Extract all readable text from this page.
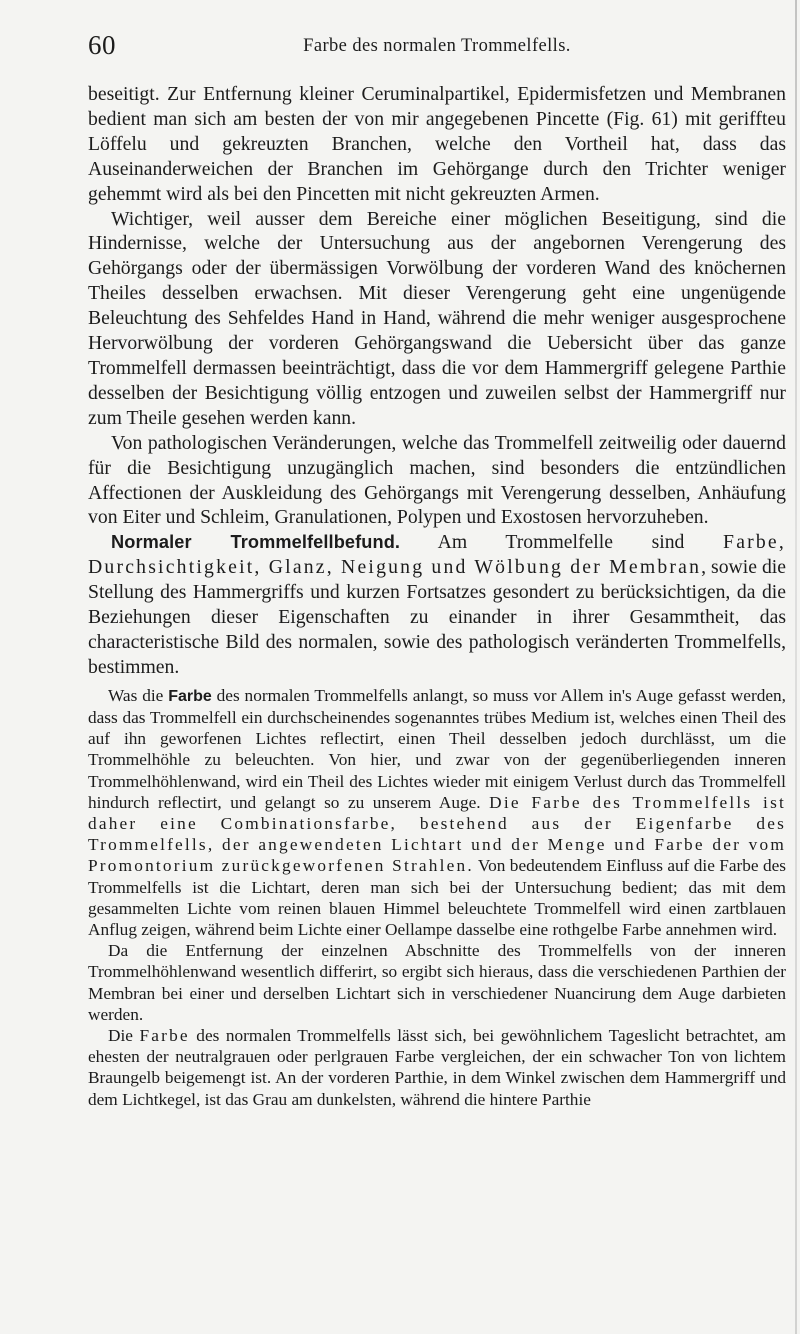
60	Farbe des normalen Trommelfells.

beseitigt. Zur Entfernung kleiner Ceruminalpartikel, Epidermisfetzen und Membranen bedient man sich am besten der von mir angegebenen Pincette (Fig. 61) mit geriffteu Löffelu und gekreuzten Branchen, welche den Vortheil hat, dass das Auseinanderweichen der Branchen im Gehörgange durch den Trichter weniger gehemmt wird als bei den Pincetten mit nicht gekreuzten Armen.

Wichtiger, weil ausser dem Bereiche einer möglichen Beseitigung, sind die Hindernisse, welche der Untersuchung aus der angebornen Verengerung des Gehörgangs oder der übermässigen Vorwölbung der vorderen Wand des knöchernen Theiles desselben erwachsen. Mit dieser Verengerung geht eine ungenügende Beleuchtung des Sehfeldes Hand in Hand, während die mehr weniger ausgesprochene Hervorwölbung der vorderen Gehörgangswand die Uebersicht über das ganze Trommelfell dermassen beeinträchtigt, dass die vor dem Hammergriff gelegene Parthie desselben der Besichtigung völlig entzogen und zuweilen selbst der Hammergriff nur zum Theile gesehen werden kann.

Von pathologischen Veränderungen, welche das Trommelfell zeitweilig oder dauernd für die Besichtigung unzugänglich machen, sind besonders die entzündlichen Affectionen der Auskleidung des Gehörgangs mit Verengerung desselben, Anhäufung von Eiter und Schleim, Granulationen, Polypen und Exostosen hervorzuheben.

Normaler Trommelfellbefund. Am Trommelfelle sind Farbe, Durchsichtigkeit, Glanz, Neigung und Wölbung der Membran, sowie die Stellung des Hammergriffs und kurzen Fortsatzes gesondert zu berücksichtigen, da die Beziehungen dieser Eigenschaften zu einander in ihrer Gesammtheit, das characteristische Bild des normalen, sowie des pathologisch veränderten Trommelfells, bestimmen.

Was die Farbe des normalen Trommelfells anlangt, so muss vor Allem in's Auge gefasst werden, dass das Trommelfell ein durchscheinendes sogenanntes trübes Medium ist, welches einen Theil des auf ihn geworfenen Lichtes reflectirt, einen Theil desselben jedoch durchlässt, um die Trommelhöhle zu beleuchten. Von hier, und zwar von der gegenüberliegenden inneren Trommelhöhlenwand, wird ein Theil des Lichtes wieder mit einigem Verlust durch das Trommelfell hindurch reflectirt, und gelangt so zu unserem Auge. Die Farbe des Trommelfells ist daher eine Combinationsfarbe, bestehend aus der Eigenfarbe des Trommelfells, der angewendeten Lichtart und der Menge und Farbe der vom Promontorium zurückgeworfenen Strahlen. Von bedeutendem Einfluss auf die Farbe des Trommelfells ist die Lichtart, deren man sich bei der Untersuchung bedient; das mit dem gesammelten Lichte vom reinen blauen Himmel beleuchtete Trommelfell wird einen zartblauen Anflug zeigen, während beim Lichte einer Oellampe dasselbe eine rothgelbe Farbe annehmen wird.

Da die Entfernung der einzelnen Abschnitte des Trommelfells von der inneren Trommelhöhlenwand wesentlich differirt, so ergibt sich hieraus, dass die verschiedenen Parthien der Membran bei einer und derselben Lichtart sich in verschiedener Nuancirung dem Auge darbieten werden.

Die Farbe des normalen Trommelfells lässt sich, bei gewöhnlichem Tageslicht betrachtet, am ehesten der neutralgrauen oder perlgrauen Farbe vergleichen, der ein schwacher Ton von lichtem Braungelb beigemengt ist. An der vorderen Parthie, in dem Winkel zwischen dem Hammergriff und dem Lichtkegel, ist das Grau am dunkelsten, während die hintere Parthie
